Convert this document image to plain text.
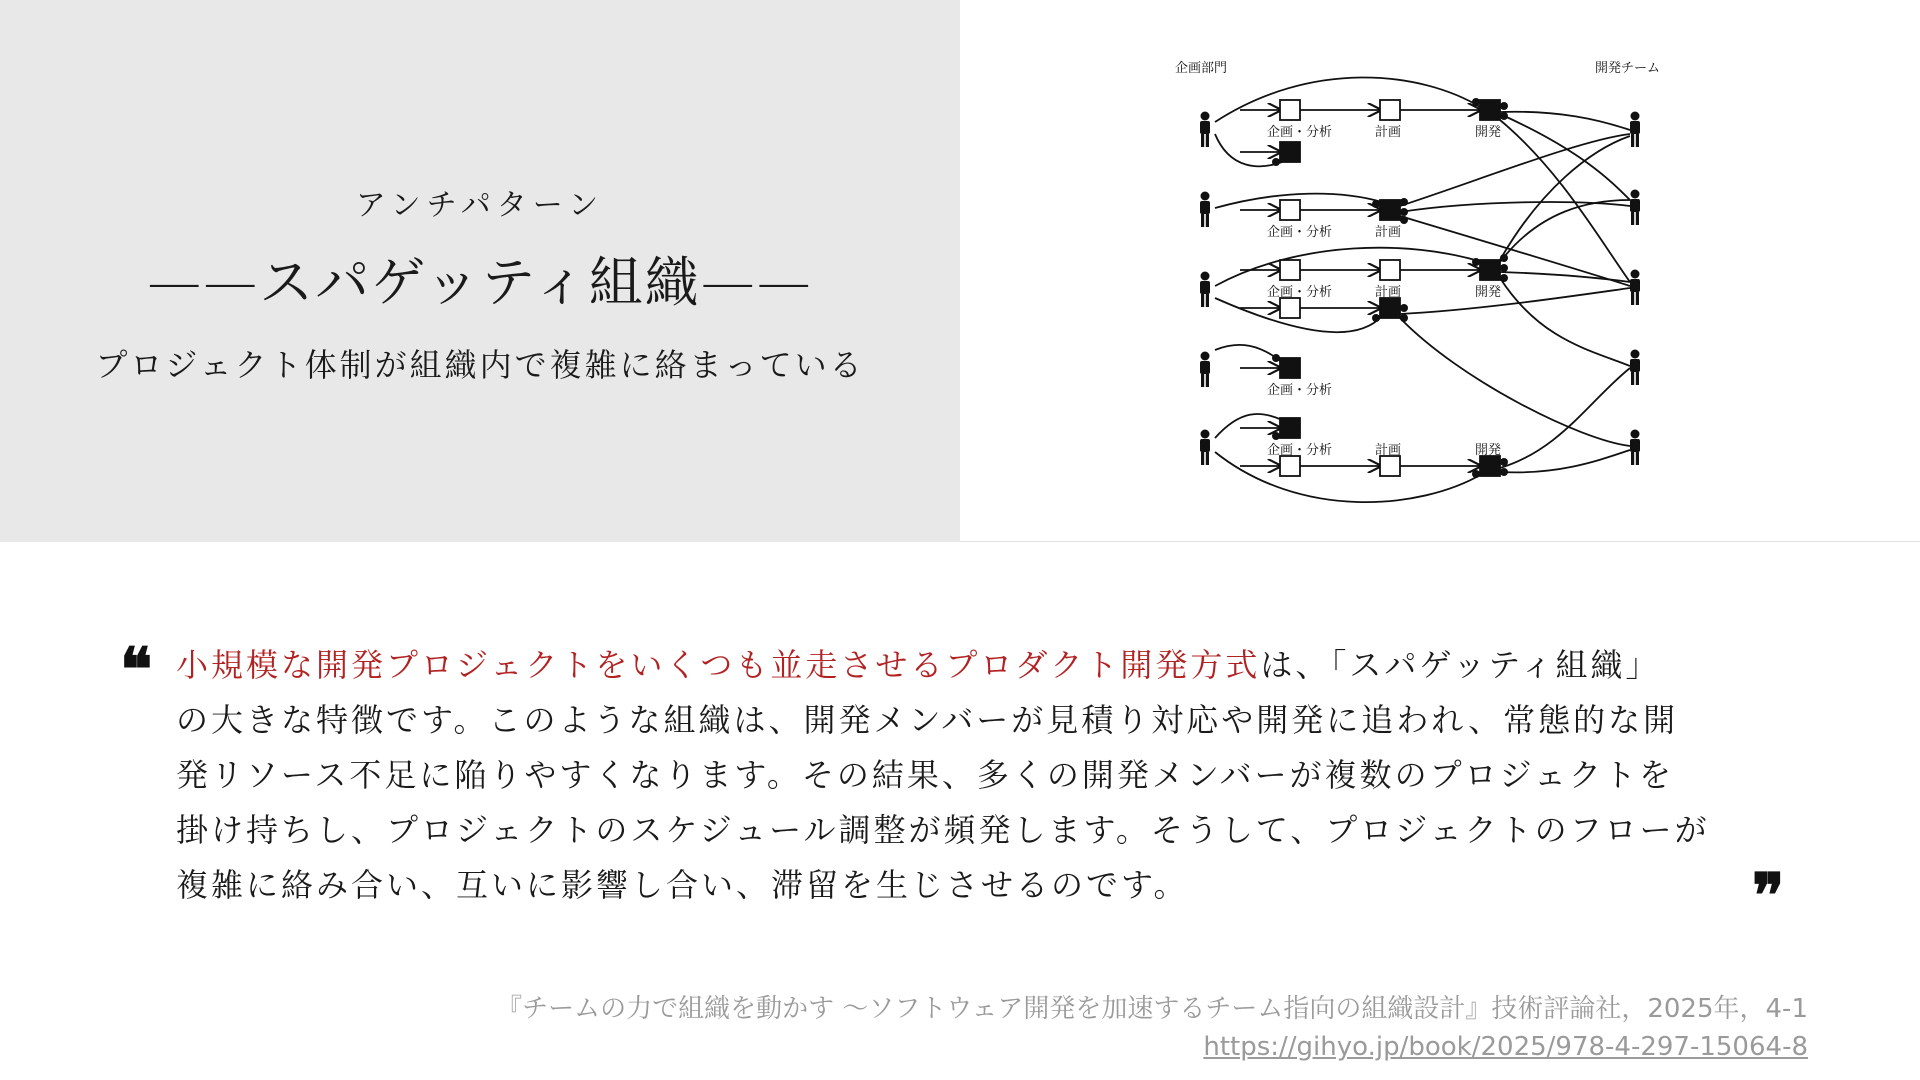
アンチパターン
——スパゲッティ組織——
プロジェクト体制が組織内で複雑に絡まっている
企画部門	開発チーム
企画・分析	計画	開発
企画・分析	計画
企画・分析	計画	開発
企画・分析
企画・分析	計画	開発
❝ 小規模な開発プロジェクトをいくつも並走させるプロダクト開発方式は、「スパゲッティ組織」
の大きな特徴です。このような組織は、開発メンバーが見積り対応や開発に追われ、常態的な開
発リソース不足に陥りやすくなります。その結果、多くの開発メンバーが複数のプロジェクトを
掛け持ちし、プロジェクトのスケジュール調整が頻発します。そうして、プロジェクトのフローが
複雑に絡み合い、互いに影響し合い、滞留を生じさせるのです。	❞
『チームの力で組織を動かす ～ソフトウェア開発を加速するチーム指向の組織設計』技術評論社，2025年，4-1
https://gihyo.jp/book/2025/978-4-297-15064-8
